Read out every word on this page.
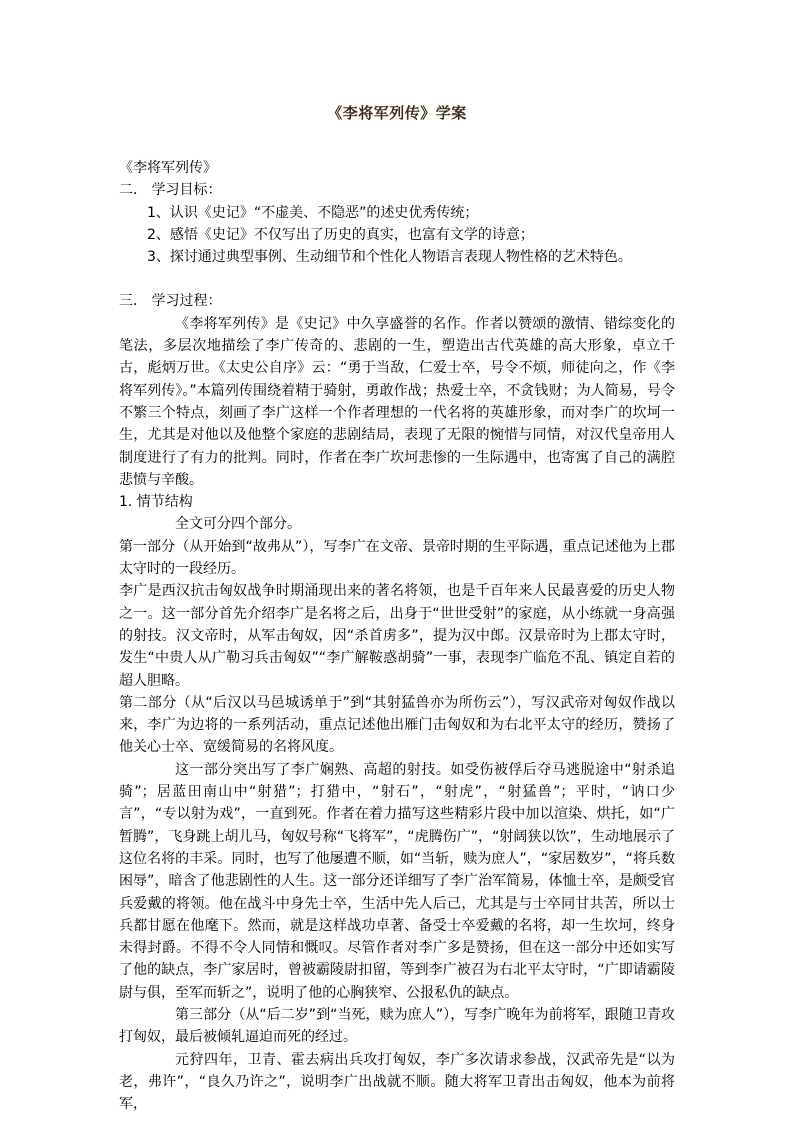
《李将军列传》学案

《李将军列传》

二． 学习目标：

1、认识《史记》“不虚美、不隐恶”的述史优秀传统；

2、感悟《史记》不仅写出了历史的真实，也富有文学的诗意；

3、探讨通过典型事例、生动细节和个性化人物语言表现人物性格的艺术特色。

三． 学习过程：

《李将军列传》是《史记》中久享盛誉的名作。作者以赞颂的激情、错综变化的笔法，多层次地描绘了李广传奇的、悲剧的一生，塑造出古代英雄的高大形象，卓立千古，彪炳万世。《太史公自序》云：“勇于当敌，仁爱士卒，号令不烦，师徒向之，作《李将军列传》。”本篇列传围绕着精于骑射，勇敢作战；热爱士卒，不贪钱财；为人简易，号令不繁三个特点，刻画了李广这样一个作者理想的一代名将的英雄形象，而对李广的坎坷一生，尤其是对他以及他整个家庭的悲剧结局，表现了无限的惋惜与同情，对汉代皇帝用人制度进行了有力的批判。同时，作者在李广坎坷悲惨的一生际遇中，也寄寓了自己的满腔悲愤与辛酸。

1. 情节结构

全文可分四个部分。

第一部分（从开始到“故弗从”），写李广在文帝、景帝时期的生平际遇，重点记述他为上郡太守时的一段经历。

李广是西汉抗击匈奴战争时期涌现出来的著名将领，也是千百年来人民最喜爱的历史人物之一。这一部分首先介绍李广是名将之后，出身于“世世受射”的家庭，从小练就一身高强的射技。汉文帝时，从军击匈奴，因“杀首虏多”，提为汉中郎。汉景帝时为上郡太守时，发生“中贵人从广勒习兵击匈奴”“李广解鞍惑胡骑”一事，表现李广临危不乱、镇定自若的超人胆略。

第二部分（从“后汉以马邑城诱单于”到“其射猛兽亦为所伤云”），写汉武帝对匈奴作战以来，李广为边将的一系列活动，重点记述他出雁门击匈奴和为右北平太守的经历，赞扬了他关心士卒、宽缓简易的名将风度。

这一部分突出写了李广娴熟、高超的射技。如受伤被俘后夺马逃脱途中“射杀追骑”；居蓝田南山中“射猎”；打猎中，“射石”，“射虎”，“射猛兽”；平时，“讷口少言”，“专以射为戏”，一直到死。作者在着力描写这些精彩片段中加以渲染、烘托，如“广暂腾”，飞身跳上胡儿马，匈奴号称“飞将军”，“虎腾伤广”，“射阔狭以饮”，生动地展示了这位名将的丰采。同时，也写了他屡遭不顺，如“当斩，赎为庶人”，“家居数岁”，“将兵数困辱”，暗含了他悲剧性的人生。这一部分还详细写了李广治军简易，体恤士卒，是颇受官兵爱戴的将领。他在战斗中身先士卒，生活中先人后己，尤其是与士卒同甘共苦，所以士兵都甘愿在他麾下。然而，就是这样战功卓著、备受士卒爱戴的名将，却一生坎坷，终身未得封爵。不得不令人同情和慨叹。尽管作者对李广多是赞扬，但在这一部分中还如实写了他的缺点，李广家居时，曾被霸陵尉扣留，等到李广被召为右北平太守时，“广即请霸陵尉与俱，至军而斩之”，说明了他的心胸狭窄、公报私仇的缺点。

第三部分（从“后二岁”到“当死，赎为庶人”），写李广晚年为前将军，跟随卫青攻打匈奴，最后被倾轧逼迫而死的经过。

元狩四年，卫青、霍去病出兵攻打匈奴，李广多次请求参战，汉武帝先是“以为老，弗许”，“良久乃许之”，说明李广出战就不顺。随大将军卫青出击匈奴，他本为前将军，
